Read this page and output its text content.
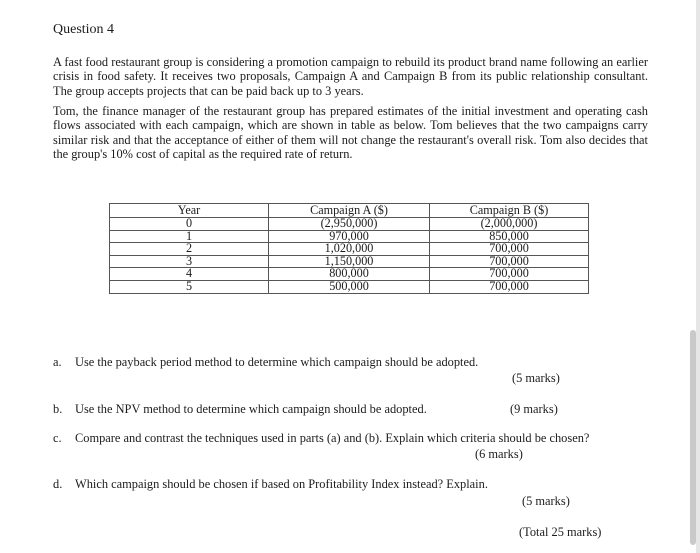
Question 4
A fast food restaurant group is considering a promotion campaign to rebuild its product brand name following an earlier crisis in food safety. It receives two proposals, Campaign A and Campaign B from its public relationship consultant. The group accepts projects that can be paid back up to 3 years.
Tom, the finance manager of the restaurant group has prepared estimates of the initial investment and operating cash flows associated with each campaign, which are shown in table as below. Tom believes that the two campaigns carry similar risk and that the acceptance of either of them will not change the restaurant's overall risk. Tom also decides that the group's 10% cost of capital as the required rate of return.
Year	Campaign A ($)	Campaign B ($)
0	(2,950,000)	(2,000,000)
1	970,000	850,000
2	1,020,000	700,000
3	1,150,000	700,000
4	800,000	700,000
5	500,000	700,000
a. Use the payback period method to determine which campaign should be adopted.
(5 marks)
b. Use the NPV method to determine which campaign should be adopted.	(9 marks)
c. Compare and contrast the techniques used in parts (a) and (b). Explain which criteria should be chosen?
(6 marks)
d. Which campaign should be chosen if based on Profitability Index instead? Explain.
(5 marks)
(Total 25 marks)
